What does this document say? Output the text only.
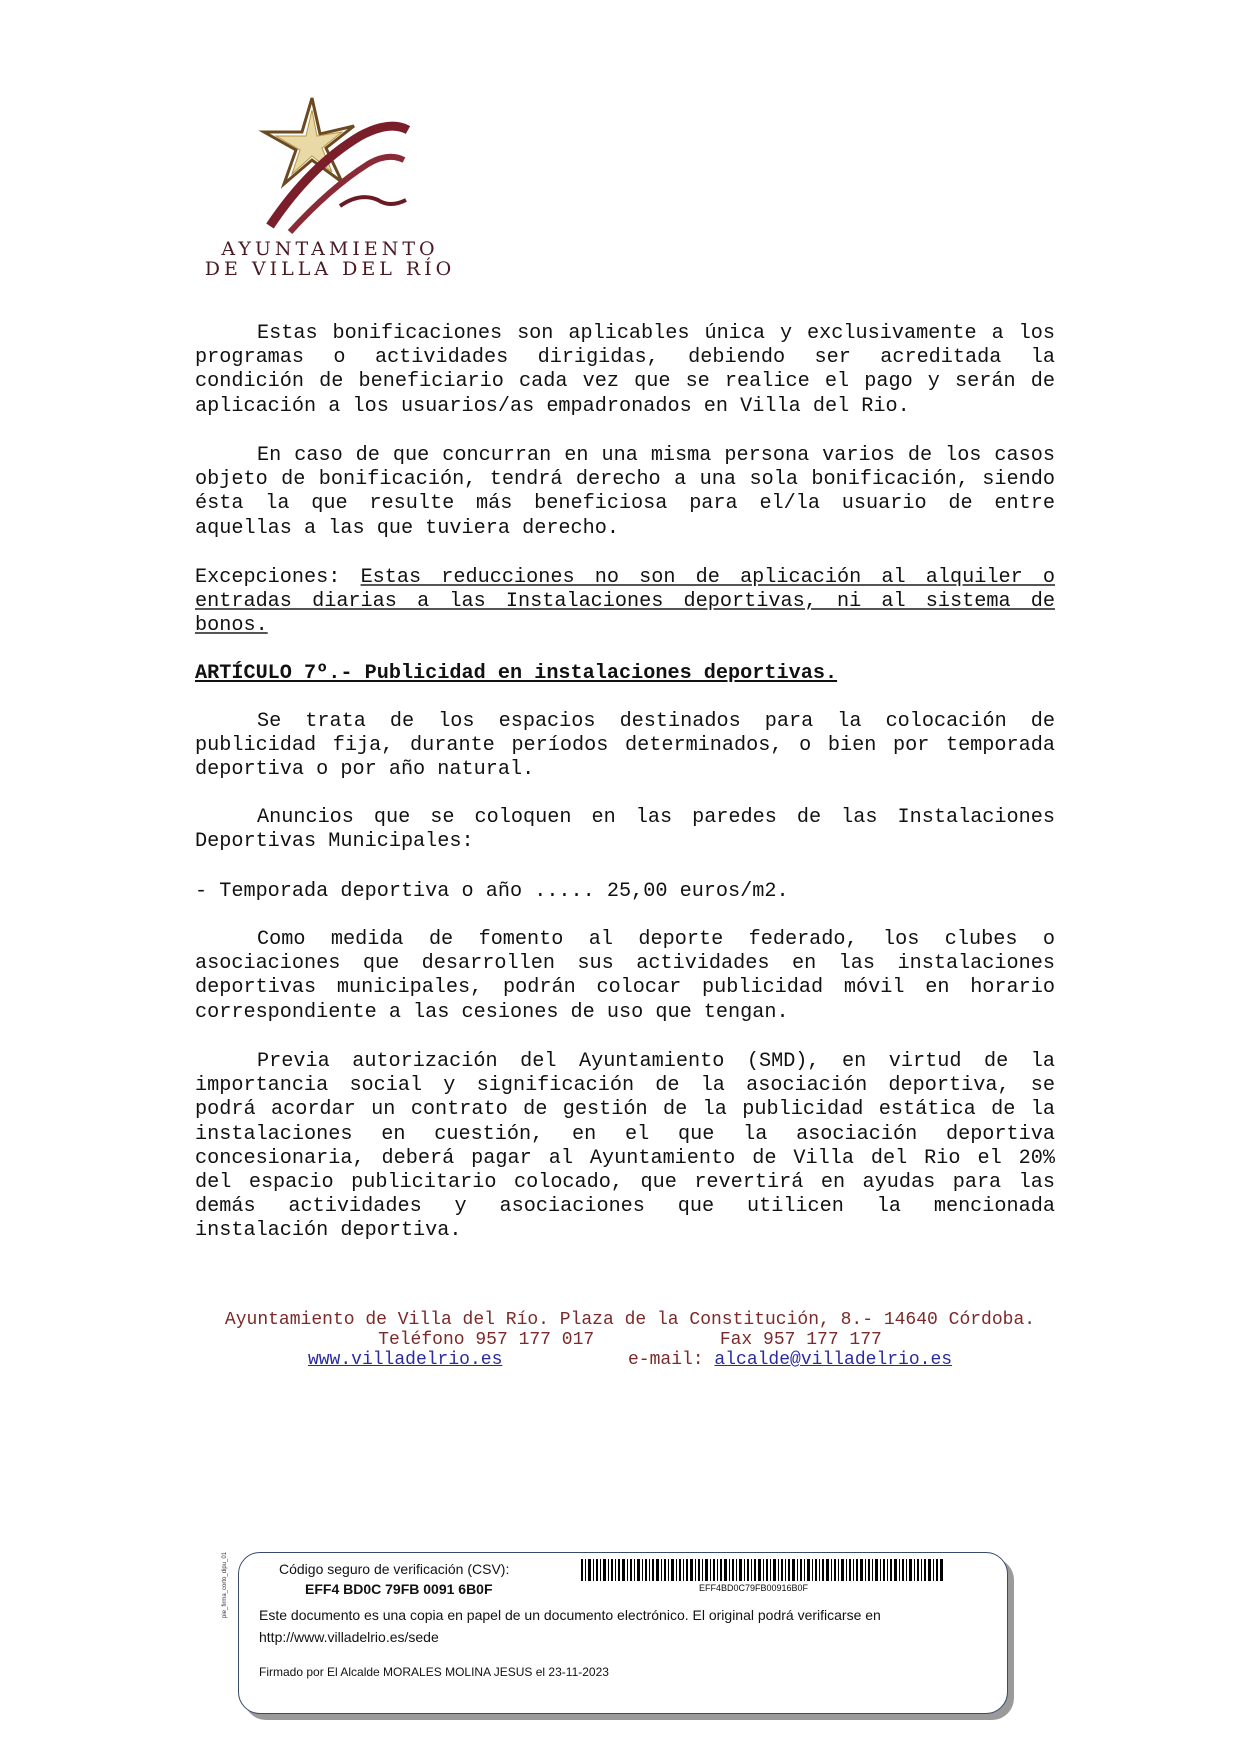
AYUNTAMIENTO
DE VILLA DEL RÍO

Estas bonificaciones son aplicables única y exclusivamente a los programas o actividades dirigidas, debiendo ser acreditada la condición de beneficiario cada vez que se realice el pago y serán de aplicación a los usuarios/as empadronados en Villa del Rio.

En caso de que concurran en una misma persona varios de los casos objeto de bonificación, tendrá derecho a una sola bonificación, siendo ésta la que resulte más beneficiosa para el/la usuario de entre aquellas a las que tuviera derecho.

Excepciones: Estas reducciones no son de aplicación al alquiler o entradas diarias a las Instalaciones deportivas, ni al sistema de bonos.

ARTÍCULO 7º.- Publicidad en instalaciones deportivas.

Se trata de los espacios destinados para la colocación de publicidad fija, durante períodos determinados, o bien por temporada deportiva o por año natural.

Anuncios que se coloquen en las paredes de las Instalaciones Deportivas Municipales:

- Temporada deportiva o año ..... 25,00 euros/m2.

Como medida de fomento al deporte federado, los clubes o asociaciones que desarrollen sus actividades en las instalaciones deportivas municipales, podrán colocar publicidad móvil en horario correspondiente a las cesiones de uso que tengan.

Previa autorización del Ayuntamiento (SMD), en virtud de la importancia social y significación de la asociación deportiva, se podrá acordar un contrato de gestión de la publicidad estática de la instalaciones en cuestión, en el que la asociación deportiva concesionaria, deberá pagar al Ayuntamiento de Villa del Rio el 20% del espacio publicitario colocado, que revertirá en ayudas para las demás actividades y asociaciones que utilicen la mencionada instalación deportiva.

Ayuntamiento de Villa del Río. Plaza de la Constitución, 8.- 14640 Córdoba.
Teléfono 957 177 017	Fax 957 177 177
www.villadelrio.es	e-mail: alcalde@villadelrio.es
pie_firma_corto_dipu_01	Código seguro de verificación (CSV):
EFF4 BD0C 79FB 0091 6B0F	EFF4BD0C79FB00916B0F
Este documento es una copia en papel de un documento electrónico. El original podrá verificarse en
http://www.villadelrio.es/sede
Firmado por El Alcalde MORALES MOLINA JESUS el 23-11-2023
